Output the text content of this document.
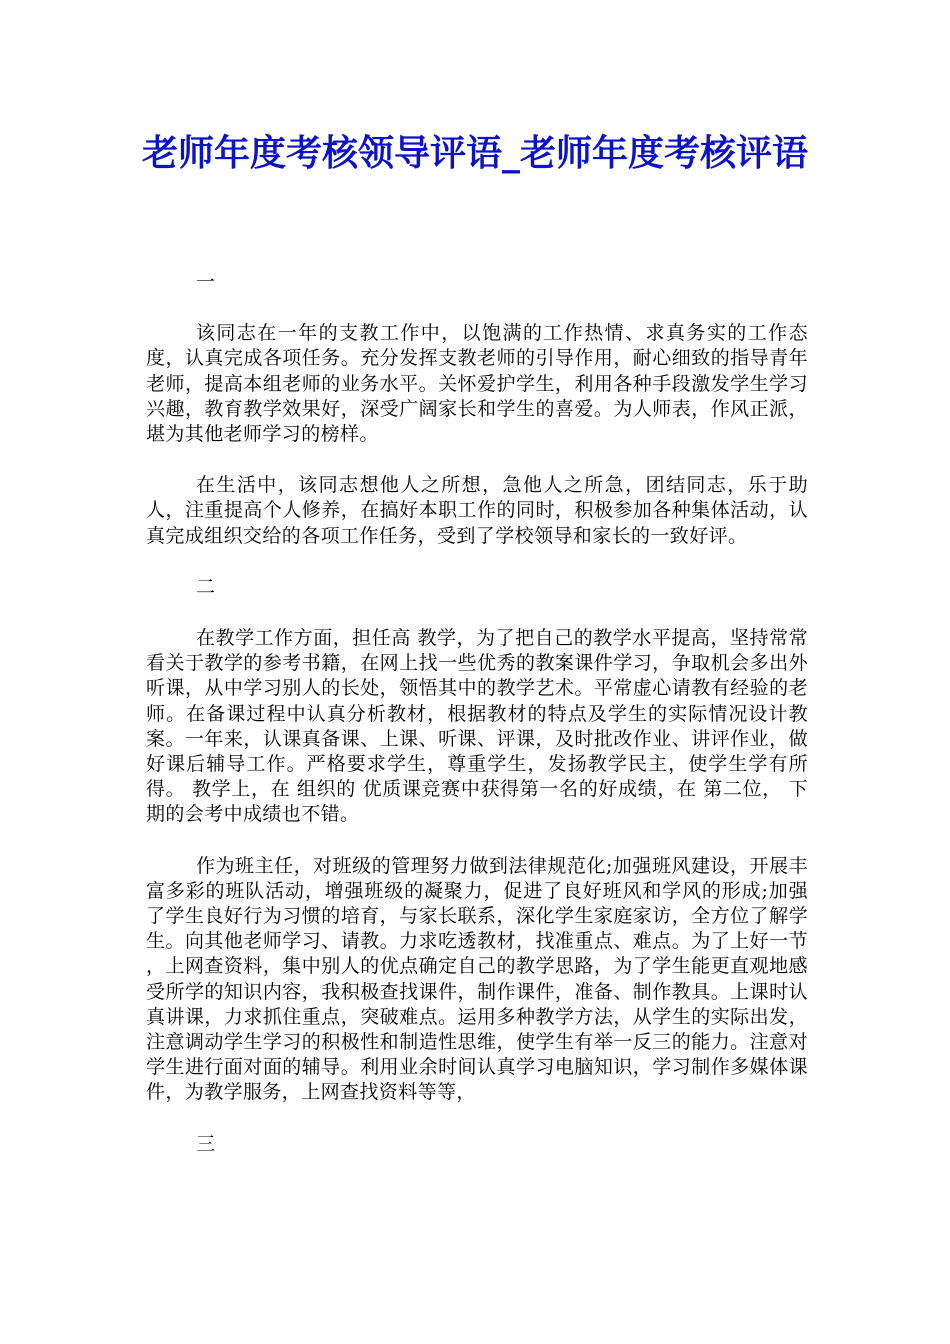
老师年度考核领导评语_老师年度考核评语

一

该同志在一年的支教工作中，以饱满的工作热情、求真务实的工作态度，认真完成各项任务。充分发挥支教老师的引导作用，耐心细致的指导青年老师，提高本组老师的业务水平。关怀爱护学生，利用各种手段激发学生学习兴趣，教育教学效果好，深受广阔家长和学生的喜爱。为人师表，作风正派，堪为其他老师学习的榜样。

在生活中，该同志想他人之所想，急他人之所急，团结同志，乐于助人，注重提高个人修养，在搞好本职工作的同时，积极参加各种集体活动，认真完成组织交给的各项工作任务，受到了学校领导和家长的一致好评。

二

在教学工作方面，担任高 教学，为了把自己的教学水平提高，坚持常常看关于教学的参考书籍，在网上找一些优秀的教案课件学习，争取机会多出外听课，从中学习别人的长处，领悟其中的教学艺术。平常虚心请教有经验的老师。在备课过程中认真分析教材，根据教材的特点及学生的实际情况设计教案。一年来，认课真备课、上课、听课、评课，及时批改作业、讲评作业，做好课后辅导工作。严格要求学生，尊重学生，发扬教学民主，使学生学有所得。 教学上，在 组织的 优质课竞赛中获得第一名的好成绩，在 第二位， 下期的会考中成绩也不错。

作为班主任，对班级的管理努力做到法律规范化;加强班风建设，开展丰富多彩的班队活动，增强班级的凝聚力，促进了良好班风和学风的形成;加强了学生良好行为习惯的培育，与家长联系，深化学生家庭家访，全方位了解学生。向其他老师学习、请教。力求吃透教材，找准重点、难点。为了上好一节 ，上网查资料，集中别人的优点确定自己的教学思路，为了学生能更直观地感受所学的知识内容，我积极查找课件，制作课件，准备、制作教具。上课时认真讲课，力求抓住重点，突破难点。运用多种教学方法，从学生的实际出发，注意调动学生学习的积极性和制造性思维，使学生有举一反三的能力。注意对学生进行面对面的辅导。利用业余时间认真学习电脑知识，学习制作多媒体课件，为教学服务，上网查找资料等等，

三
